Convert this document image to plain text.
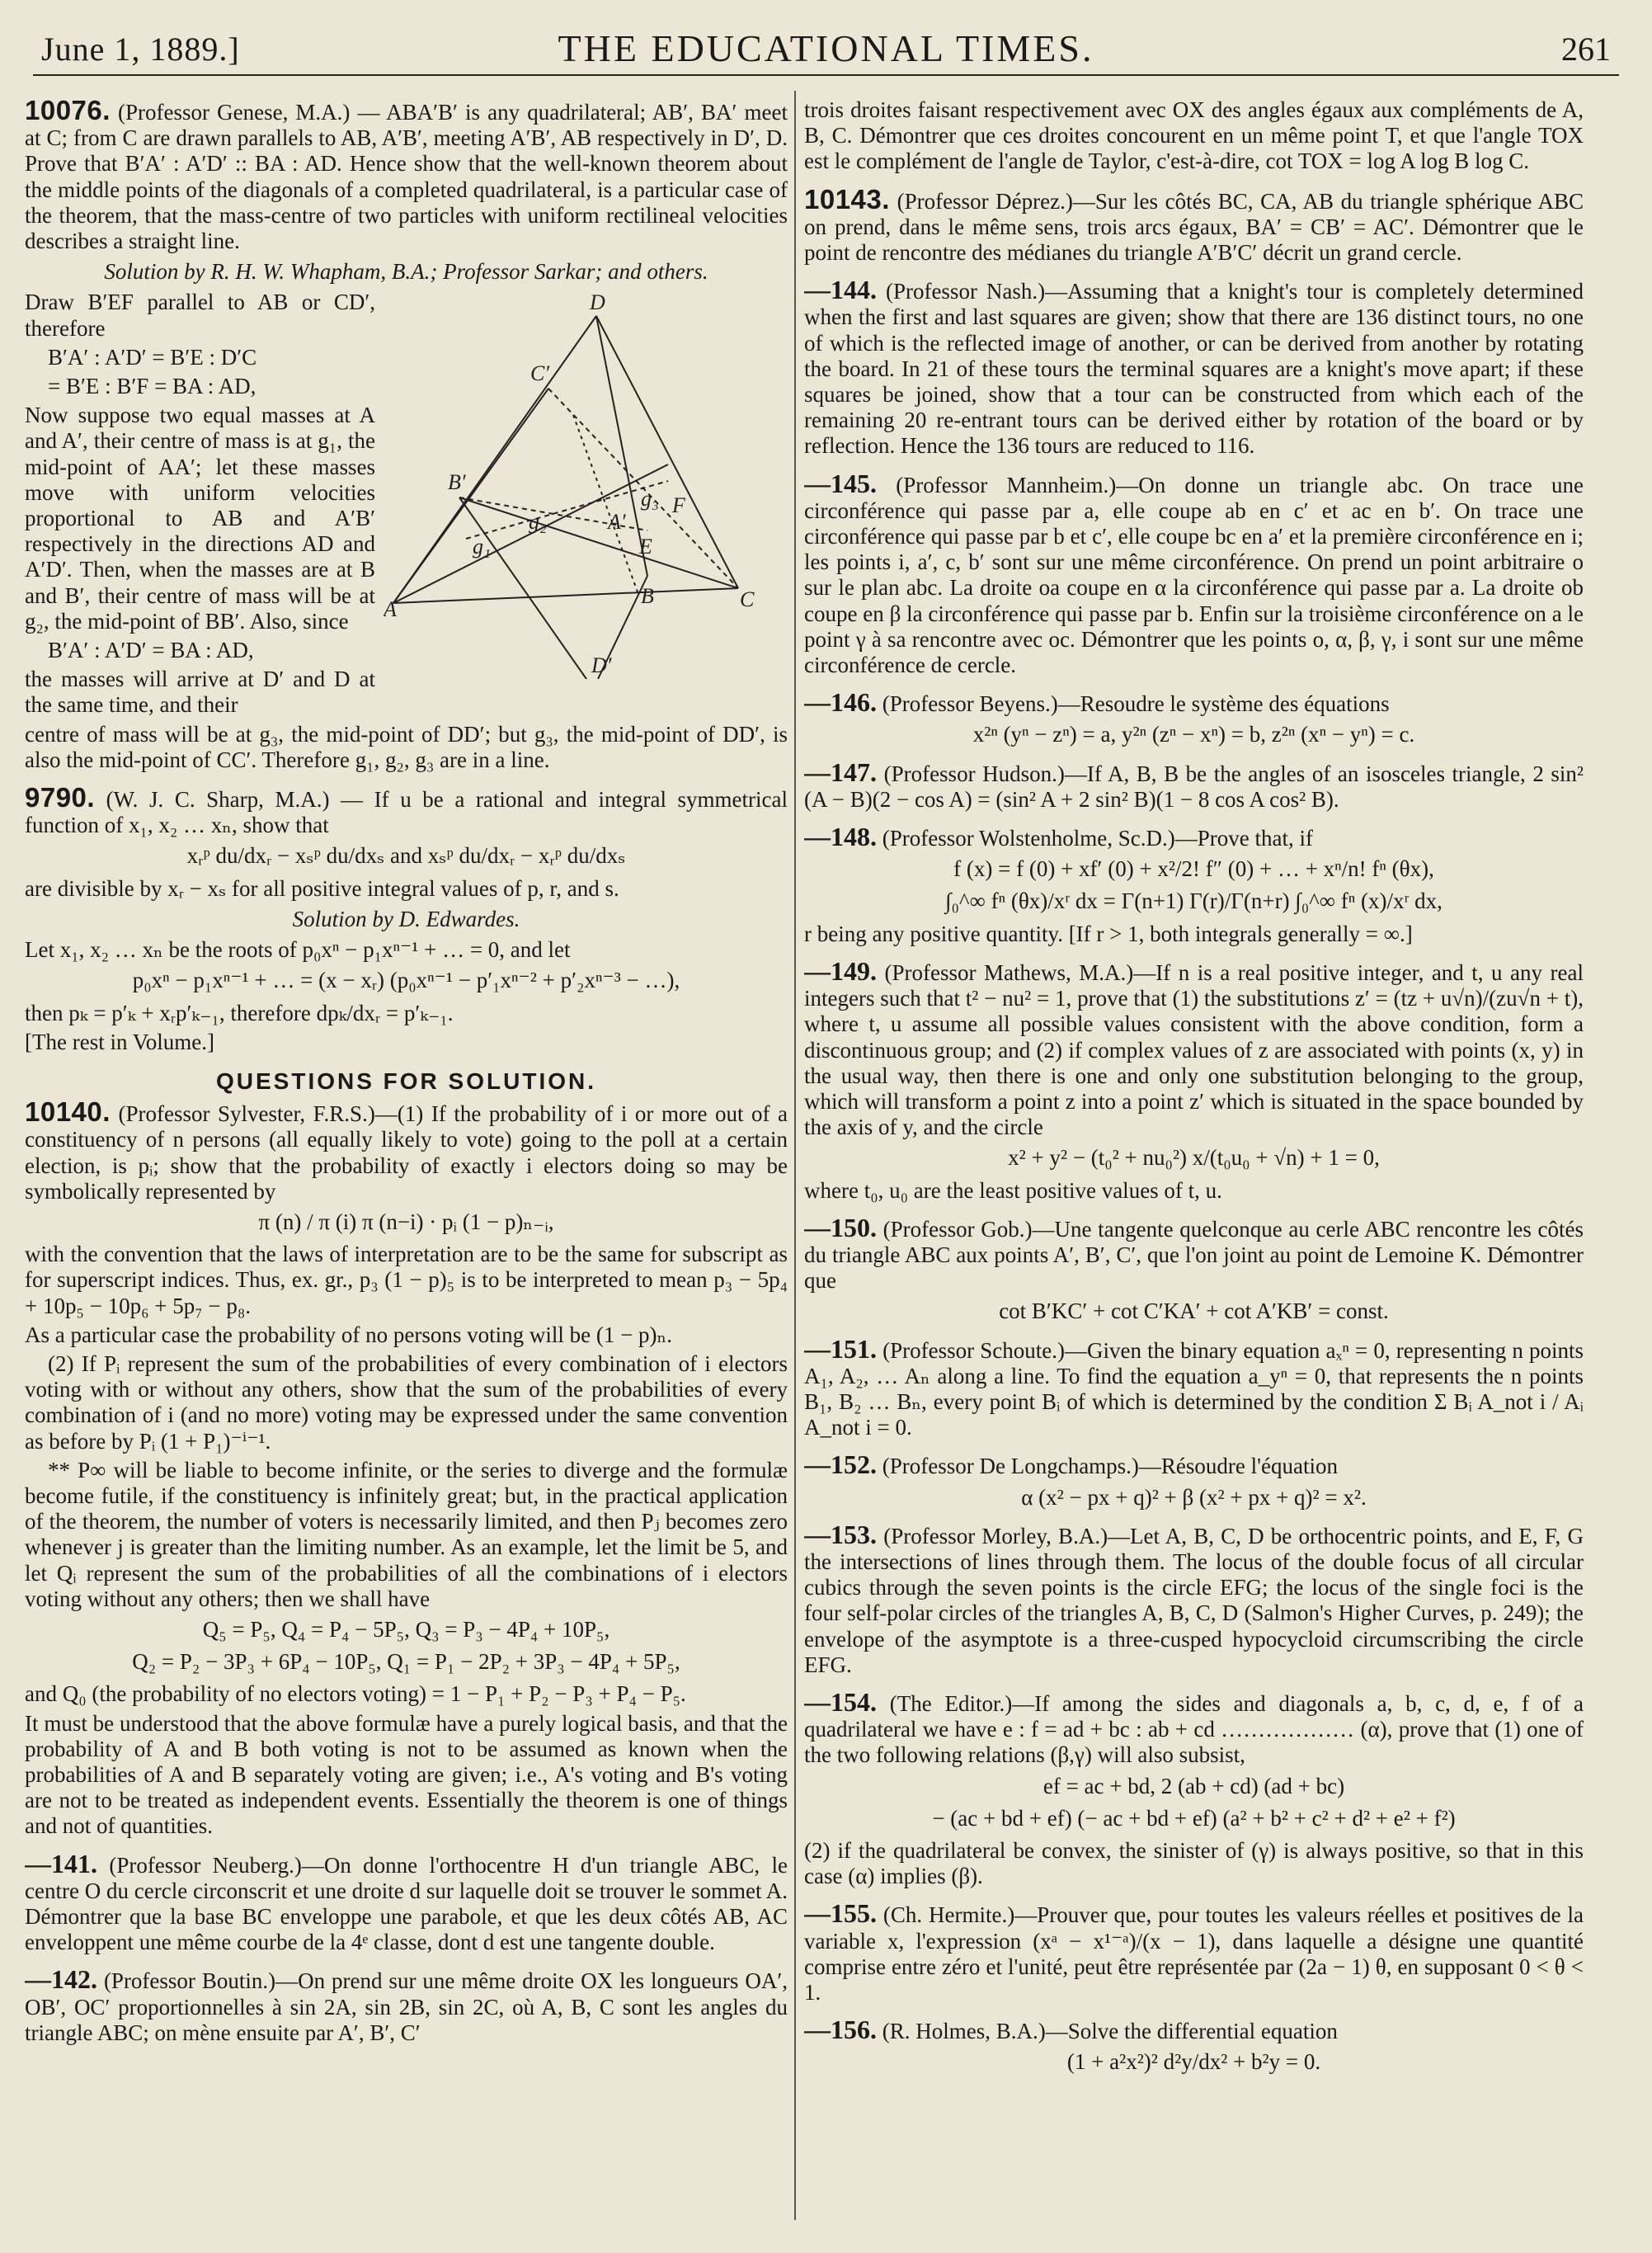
June 1, 1889.]	THE EDUCATIONAL TIMES.	261

10076. (Professor Genese, M.A.) — ABA′B′ is any quadrilateral; AB′, BA′ meet at C; from C are drawn parallels to AB, A′B′, meeting A′B′, AB respectively in D′, D. Prove that B′A′ : A′D′ :: BA : AD. Hence show that the well-known theorem about the middle points of the diagonals of a completed quadrilateral, is a particular case of the theorem, that the mass-centre of two particles with uniform rectilineal velocities describes a straight line.

Solution by R. H. W. Whapham, B.A.; Professor Sarkar; and others.

Draw B′EF parallel to AB or CD′, therefore

B′A′ : A′D′ = B′E : D′C

= B′E : B′F = BA : AD,

Now suppose two equal masses at A and A′, their centre of mass is at g₁, the mid-point of AA′; let these masses move with uniform velocities proportional to AB and A′B′ respectively in the directions AD and A′D′. Then, when the masses are at B and B′, their centre of mass will be at g₂, the mid-point of BB′. Also, since

B′A′ : A′D′ = BA : AD,

the masses will arrive at D′ and D at the same time, and their

D
C′
B′
A′
B	C
A
D′
E
F
g₁
g₂
g₃

centre of mass will be at g₃, the mid-point of DD′; but g₃, the mid-point of DD′, is also the mid-point of CC′. Therefore g₁, g₂, g₃ are in a line.

9790. (W. J. C. Sharp, M.A.) — If u be a rational and integral symmetrical function of x₁, x₂ … xₙ, show that

xᵣᵖ du/dxᵣ − xₛᵖ du/dxₛ and xₛᵖ du/dxᵣ − xᵣᵖ du/dxₛ

are divisible by xᵣ − xₛ for all positive integral values of p, r, and s.

Solution by D. Edwardes.

Let x₁, x₂ … xₙ be the roots of p₀xⁿ − p₁xⁿ⁻¹ + … = 0, and let

p₀xⁿ − p₁xⁿ⁻¹ + … = (x − xᵣ) (p₀xⁿ⁻¹ − p′₁xⁿ⁻² + p′₂xⁿ⁻³ − …),

then pₖ = p′ₖ + xᵣp′ₖ₋₁, therefore dpₖ/dxᵣ = p′ₖ₋₁.

[The rest in Volume.]

QUESTIONS FOR SOLUTION.

10140. (Professor Sylvester, F.R.S.)—(1) If the probability of i or more out of a constituency of n persons (all equally likely to vote) going to the poll at a certain election, is pᵢ; show that the probability of exactly i electors doing so may be symbolically represented by

π (n) / π (i) π (n−i) · pᵢ (1 − p)ₙ₋ᵢ,

with the convention that the laws of interpretation are to be the same for subscript as for superscript indices. Thus, ex. gr., p₃ (1 − p)₅ is to be interpreted to mean p₃ − 5p₄ + 10p₅ − 10p₆ + 5p₇ − p₈.

As a particular case the probability of no persons voting will be (1 − p)ₙ.

(2) If Pᵢ represent the sum of the probabilities of every combination of i electors voting with or without any others, show that the sum of the probabilities of every combination of i (and no more) voting may be expressed under the same convention as before by Pᵢ (1 + P₁)⁻ⁱ⁻¹.

** P∞ will be liable to become infinite, or the series to diverge and the formulæ become futile, if the constituency is infinitely great; but, in the practical application of the theorem, the number of voters is necessarily limited, and then Pⱼ becomes zero whenever j is greater than the limiting number. As an example, let the limit be 5, and let Qᵢ represent the sum of the probabilities of all the combinations of i electors voting without any others; then we shall have

Q₅ = P₅, Q₄ = P₄ − 5P₅, Q₃ = P₃ − 4P₄ + 10P₅,

Q₂ = P₂ − 3P₃ + 6P₄ − 10P₅, Q₁ = P₁ − 2P₂ + 3P₃ − 4P₄ + 5P₅,

and Q₀ (the probability of no electors voting) = 1 − P₁ + P₂ − P₃ + P₄ − P₅.

It must be understood that the above formulæ have a purely logical basis, and that the probability of A and B both voting is not to be assumed as known when the probabilities of A and B separately voting are given; i.e., A's voting and B's voting are not to be treated as independent events. Essentially the theorem is one of things and not of quantities.

—141. (Professor Neuberg.)—On donne l'orthocentre H d'un triangle ABC, le centre O du cercle circonscrit et une droite d sur laquelle doit se trouver le sommet A. Démontrer que la base BC enveloppe une parabole, et que les deux côtés AB, AC enveloppent une même courbe de la 4ᵉ classe, dont d est une tangente double.

—142. (Professor Boutin.)—On prend sur une même droite OX les longueurs OA′, OB′, OC′ proportionnelles à sin 2A, sin 2B, sin 2C, où A, B, C sont les angles du triangle ABC; on mène ensuite par A′, B′, C′

trois droites faisant respectivement avec OX des angles égaux aux compléments de A, B, C. Démontrer que ces droites concourent en un même point T, et que l'angle TOX est le complément de l'angle de Taylor, c'est-à-dire, cot TOX = log A log B log C.

10143. (Professor Déprez.)—Sur les côtés BC, CA, AB du triangle sphérique ABC on prend, dans le même sens, trois arcs égaux, BA′ = CB′ = AC′. Démontrer que le point de rencontre des médianes du triangle A′B′C′ décrit un grand cercle.

—144. (Professor Nash.)—Assuming that a knight's tour is completely determined when the first and last squares are given; show that there are 136 distinct tours, no one of which is the reflected image of another, or can be derived from another by rotating the board. In 21 of these tours the terminal squares are a knight's move apart; if these squares be joined, show that a tour can be constructed from which each of the remaining 20 re-entrant tours can be derived either by rotation of the board or by reflection. Hence the 136 tours are reduced to 116.

—145. (Professor Mannheim.)—On donne un triangle abc. On trace une circonférence qui passe par a, elle coupe ab en c′ et ac en b′. On trace une circonférence qui passe par b et c′, elle coupe bc en a′ et la première circonférence en i; les points i, a′, c, b′ sont sur une même circonférence. On prend un point arbitraire o sur le plan abc. La droite oa coupe en α la circonférence qui passe par a. La droite ob coupe en β la circonférence qui passe par b. Enfin sur la troisième circonférence on a le point γ à sa rencontre avec oc. Démontrer que les points o, α, β, γ, i sont sur une même circonférence de cercle.

—146. (Professor Beyens.)—Resoudre le système des équations

x²ⁿ (yⁿ − zⁿ) = a, y²ⁿ (zⁿ − xⁿ) = b, z²ⁿ (xⁿ − yⁿ) = c.

—147. (Professor Hudson.)—If A, B, B be the angles of an isosceles triangle, 2 sin² (A − B)(2 − cos A) = (sin² A + 2 sin² B)(1 − 8 cos A cos² B).

—148. (Professor Wolstenholme, Sc.D.)—Prove that, if

f (x) = f (0) + xf′ (0) + x²/2! f″ (0) + … + xⁿ/n! fⁿ (θx),

∫₀^∞ fⁿ (θx)/xʳ dx = Γ(n+1) Γ(r)/Γ(n+r) ∫₀^∞ fⁿ (x)/xʳ dx,

r being any positive quantity. [If r > 1, both integrals generally = ∞.]

—149. (Professor Mathews, M.A.)—If n is a real positive integer, and t, u any real integers such that t² − nu² = 1, prove that (1) the substitutions z′ = (tz + u√n)/(zu√n + t), where t, u assume all possible values consistent with the above condition, form a discontinuous group; and (2) if complex values of z are associated with points (x, y) in the usual way, then there is one and only one substitution belonging to the group, which will transform a point z into a point z′ which is situated in the space bounded by the axis of y, and the circle

x² + y² − (t₀² + nu₀²) x/(t₀u₀ + √n) + 1 = 0,

where t₀, u₀ are the least positive values of t, u.

—150. (Professor Gob.)—Une tangente quelconque au cerle ABC rencontre les côtés du triangle ABC aux points A′, B′, C′, que l'on joint au point de Lemoine K. Démontrer que

cot B′KC′ + cot C′KA′ + cot A′KB′ = const.

—151. (Professor Schoute.)—Given the binary equation aₓⁿ = 0, representing n points A₁, A₂, … Aₙ along a line. To find the equation a_yⁿ = 0, that represents the n points B₁, B₂ … Bₙ, every point Bᵢ of which is determined by the condition Σ Bᵢ A_not i / Aᵢ A_not i = 0.

—152. (Professor De Longchamps.)—Résoudre l'équation

α (x² − px + q)² + β (x² + px + q)² = x².

—153. (Professor Morley, B.A.)—Let A, B, C, D be orthocentric points, and E, F, G the intersections of lines through them. The locus of the double focus of all circular cubics through the seven points is the circle EFG; the locus of the single foci is the four self-polar circles of the triangles A, B, C, D (Salmon's Higher Curves, p. 249); the envelope of the asymptote is a three-cusped hypocycloid circumscribing the circle EFG.

—154. (The Editor.)—If among the sides and diagonals a, b, c, d, e, f of a quadrilateral we have e : f = ad + bc : ab + cd ……………… (α), prove that (1) one of the two following relations (β,γ) will also subsist,

ef = ac + bd, 2 (ab + cd) (ad + bc)

− (ac + bd + ef) (− ac + bd + ef) (a² + b² + c² + d² + e² + f²)

(2) if the quadrilateral be convex, the sinister of (γ) is always positive, so that in this case (α) implies (β).

—155. (Ch. Hermite.)—Prouver que, pour toutes les valeurs réelles et positives de la variable x, l'expression (xᵃ − x¹⁻ᵃ)/(x − 1), dans laquelle a désigne une quantité comprise entre zéro et l'unité, peut être représentée par (2a − 1) θ, en supposant 0 < θ < 1.

—156. (R. Holmes, B.A.)—Solve the differential equation

(1 + a²x²)² d²y/dx² + b²y = 0.
